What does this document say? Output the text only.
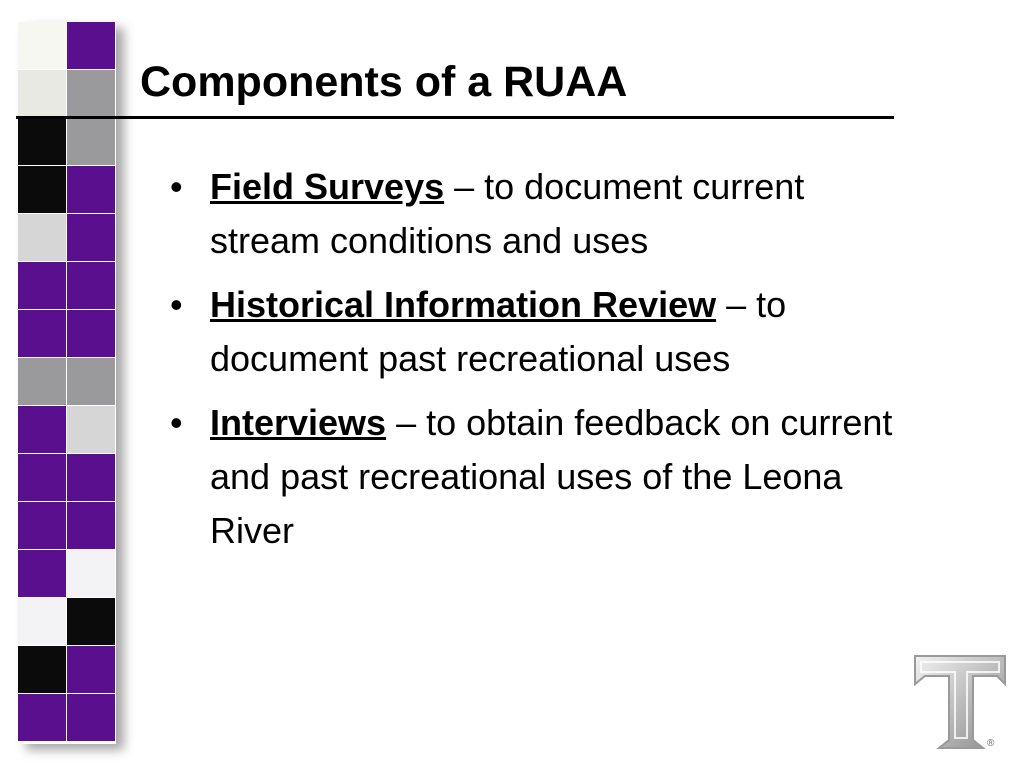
Components of a RUAA
• Field Surveys – to document current stream conditions and uses
• Historical Information Review – to document past recreational uses
• Interviews – to obtain feedback on current and past recreational uses of the Leona River
®
